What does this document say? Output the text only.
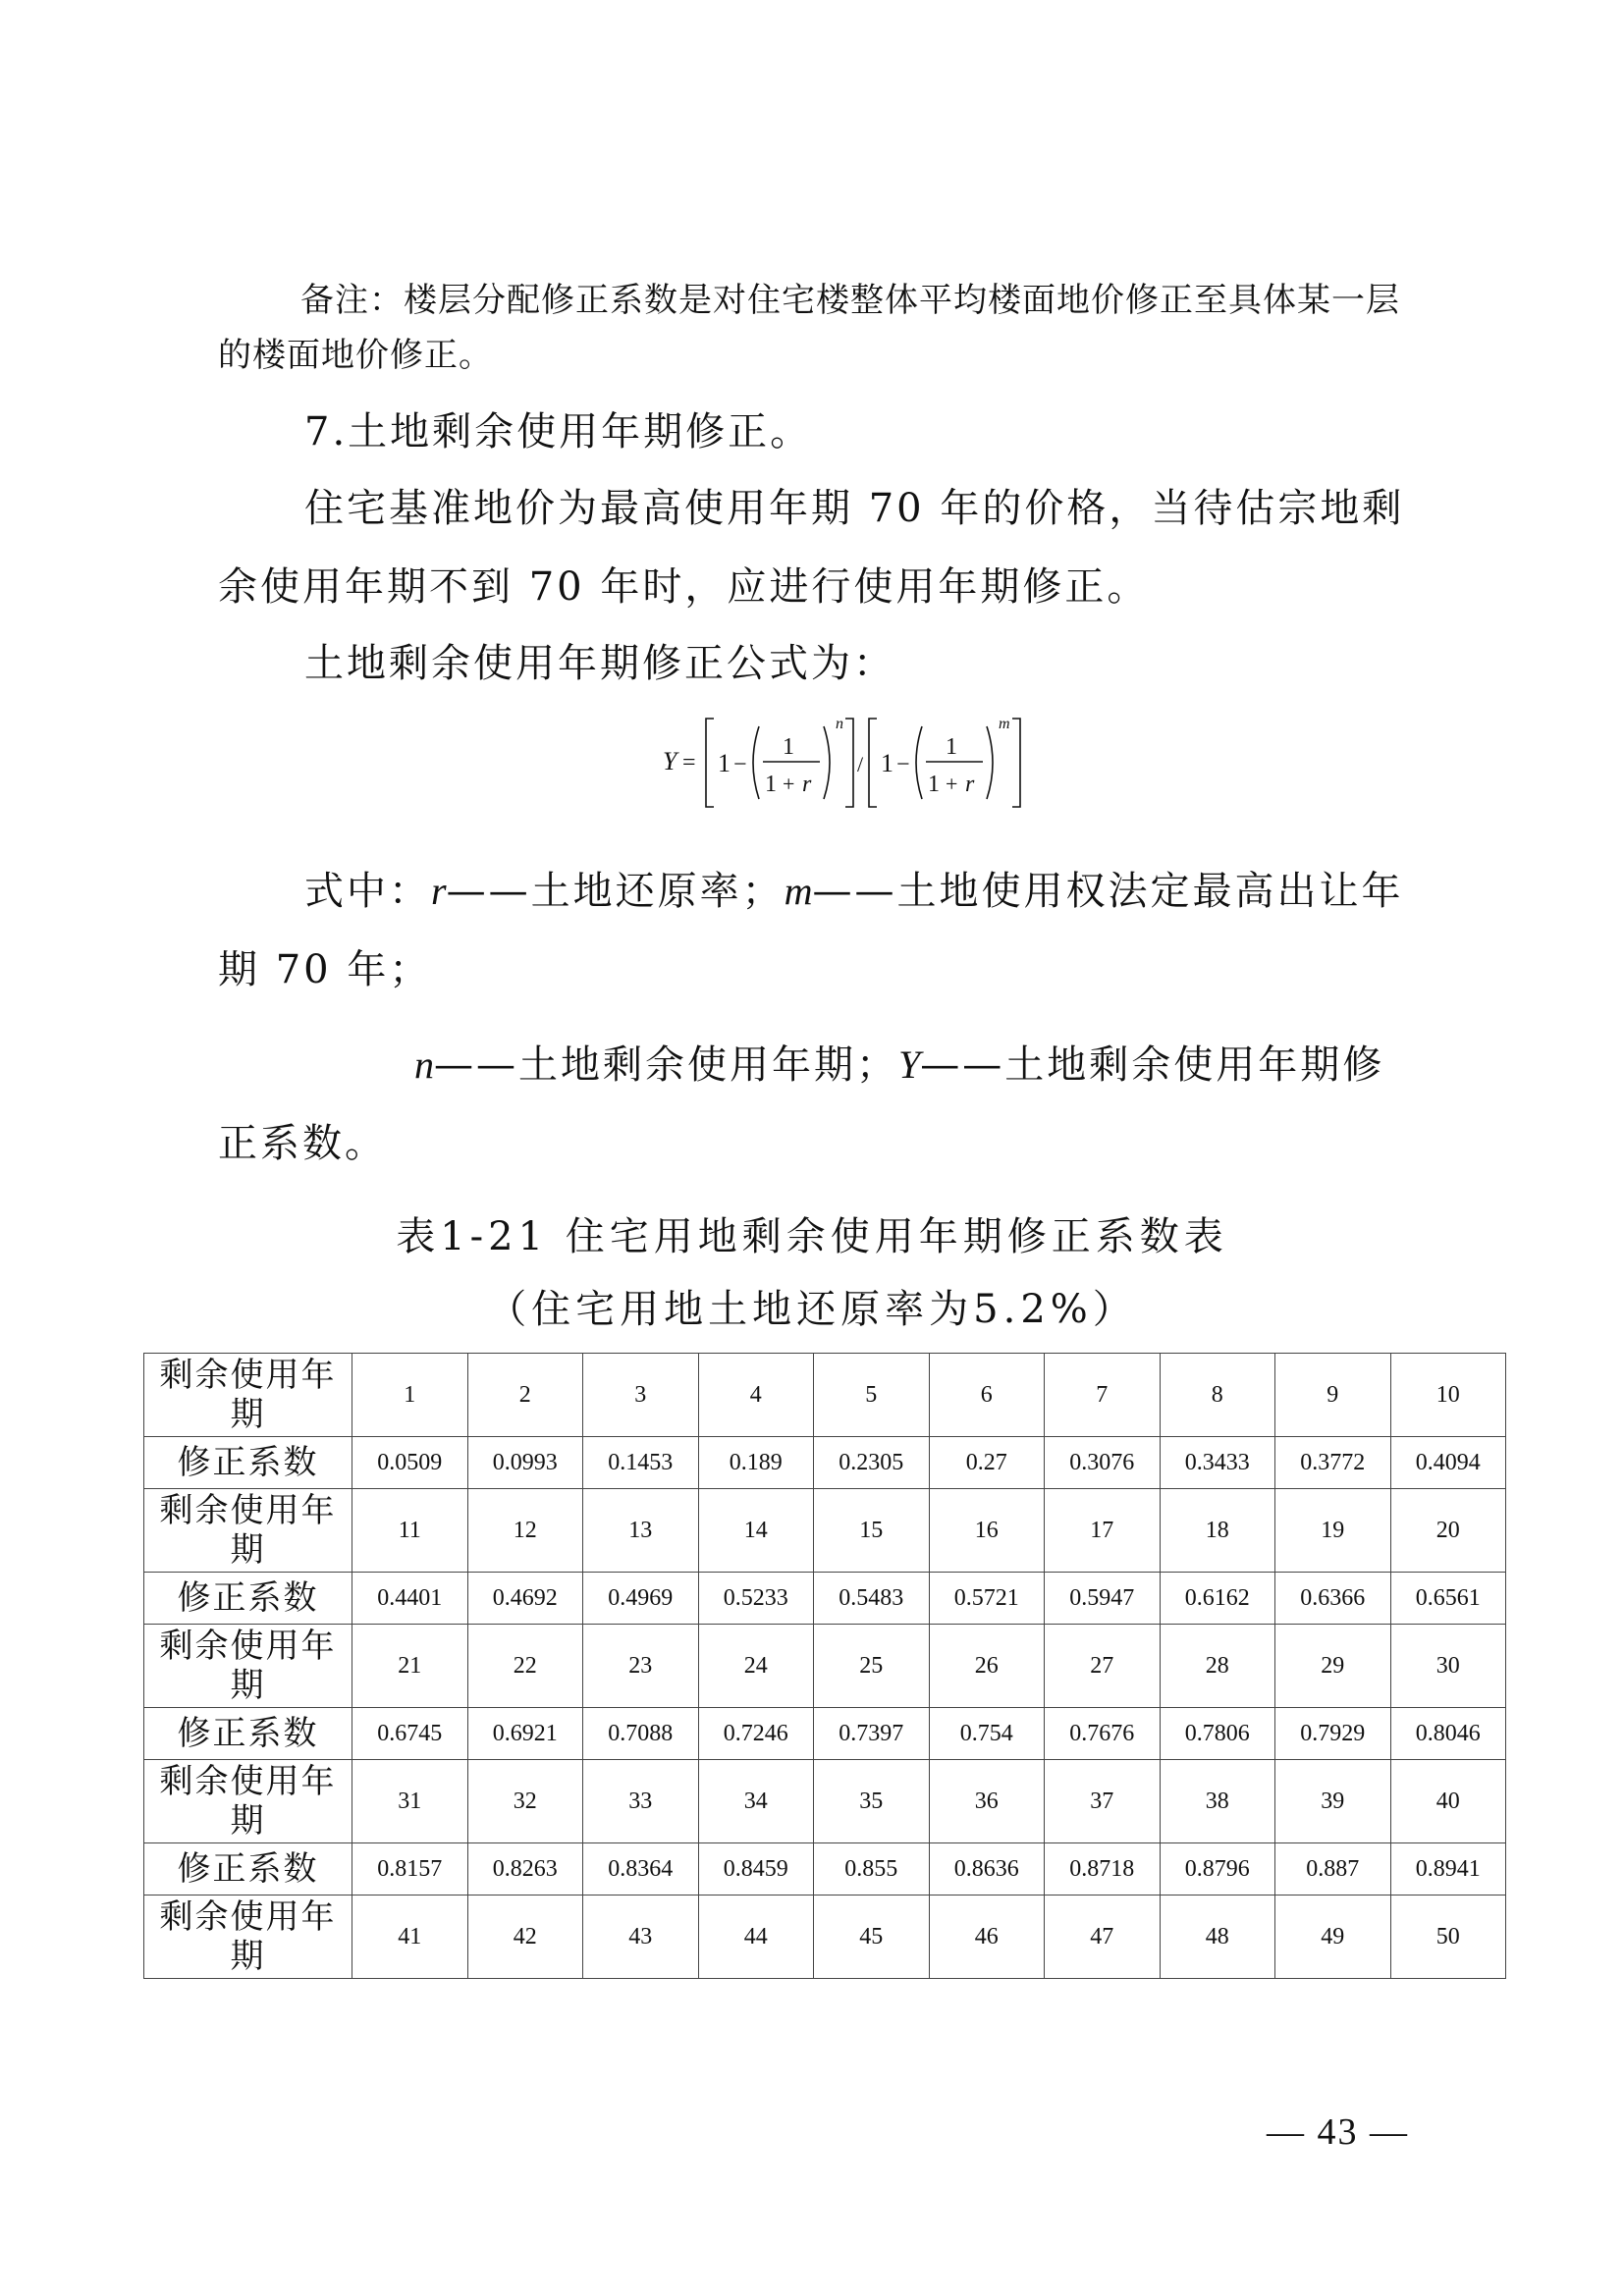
备注：楼层分配修正系数是对住宅楼整体平均楼面地价修正至具体某一层的楼面地价修正。

7.土地剩余使用年期修正。

住宅基准地价为最高使用年期 70 年的价格，当待估宗地剩余使用年期不到 70 年时，应进行使用年期修正。

土地剩余使用年期修正公式为：

Y = 1 −
1
1 + r
n
/ 1 −
1
1 + r
m

式中：r——土地还原率；m——土地使用权法定最高出让年期 70 年；

n——土地剩余使用年期；Y——土地剩余使用年期修正系数。

表1-21 住宅用地剩余使用年期修正系数表

（住宅用地土地还原率为5.2%）

剩余使用年期	1	2	3	4	5	6	7	8	9	10
修正系数	0.0509	0.0993	0.1453	0.189	0.2305	0.27	0.3076	0.3433	0.3772	0.4094
剩余使用年期	11	12	13	14	15	16	17	18	19	20
修正系数	0.4401	0.4692	0.4969	0.5233	0.5483	0.5721	0.5947	0.6162	0.6366	0.6561
剩余使用年期	21	22	23	24	25	26	27	28	29	30
修正系数	0.6745	0.6921	0.7088	0.7246	0.7397	0.754	0.7676	0.7806	0.7929	0.8046
剩余使用年期	31	32	33	34	35	36	37	38	39	40
修正系数	0.8157	0.8263	0.8364	0.8459	0.855	0.8636	0.8718	0.8796	0.887	0.8941
剩余使用年期	41	42	43	44	45	46	47	48	49	50
— 43 —
